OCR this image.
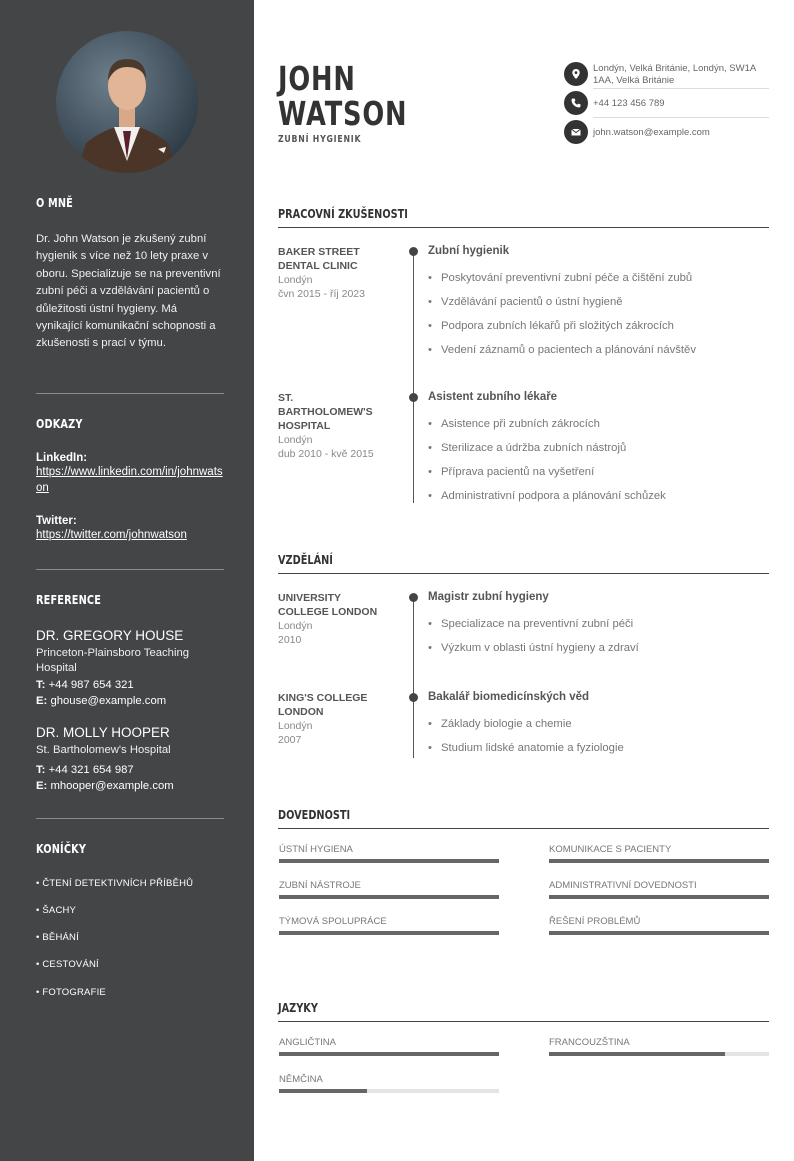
O MNĚ
Dr. John Watson je zkušený zubní hygienik s více než 10 lety praxe v oboru. Specializuje se na preventivní zubní péči a vzdělávání pacientů o důležitosti ústní hygieny. Má vynikající komunikační schopnosti a zkušenosti s prací v týmu.
ODKAZY
LinkedIn:
https://www.linkedin.com/in/johnwatson
Twitter:
https://twitter.com/johnwatson
REFERENCE
DR. GREGORY HOUSE
Princeton-Plainsboro Teaching Hospital
T: +44 987 654 321
E: ghouse@example.com
DR. MOLLY HOOPER
St. Bartholomew's Hospital
T: +44 321 654 987
E: mhooper@example.com
KONÍČKY
• ČTENÍ DETEKTIVNÍCH PŘÍBĚHŮ
• ŠACHY
• BĚHÁNÍ
• CESTOVÁNÍ
• FOTOGRAFIE
JOHN
WATSON
ZUBNÍ HYGIENIK
Londýn, Velká Británie, Londýn, SW1A 1AA, Velká Británie
+44 123 456 789
john.watson@example.com
PRACOVNÍ ZKUŠENOSTI
BAKER STREET DENTAL CLINIC
Londýn
čvn 2015 - říj 2023
Zubní hygienik
• Poskytování preventivní zubní péče a čištění zubů
• Vzdělávání pacientů o ústní hygieně
• Podpora zubních lékařů při složitých zákrocích
• Vedení záznamů o pacientech a plánování návštěv
ST. BARTHOLOMEW'S HOSPITAL
Londýn
dub 2010 - kvě 2015
Asistent zubního lékaře
• Asistence při zubních zákrocích
• Sterilizace a údržba zubních nástrojů
• Příprava pacientů na vyšetření
• Administrativní podpora a plánování schůzek
VZDĚLÁNÍ
UNIVERSITY COLLEGE LONDON
Londýn
2010
Magistr zubní hygieny
• Specializace na preventivní zubní péči
• Výzkum v oblasti ústní hygieny a zdraví
KING'S COLLEGE LONDON
Londýn
2007
Bakalář biomedicínských věd
• Základy biologie a chemie
• Studium lidské anatomie a fyziologie
DOVEDNOSTI
ÚSTNÍ HYGIENA	KOMUNIKACE S PACIENTY
ZUBNÍ NÁSTROJE	ADMINISTRATIVNÍ DOVEDNOSTI
TÝMOVÁ SPOLUPRÁCE	ŘEŠENÍ PROBLÉMŮ
JAZYKY
ANGLIČTINA	FRANCOUZŠTINA
NĚMČINA
